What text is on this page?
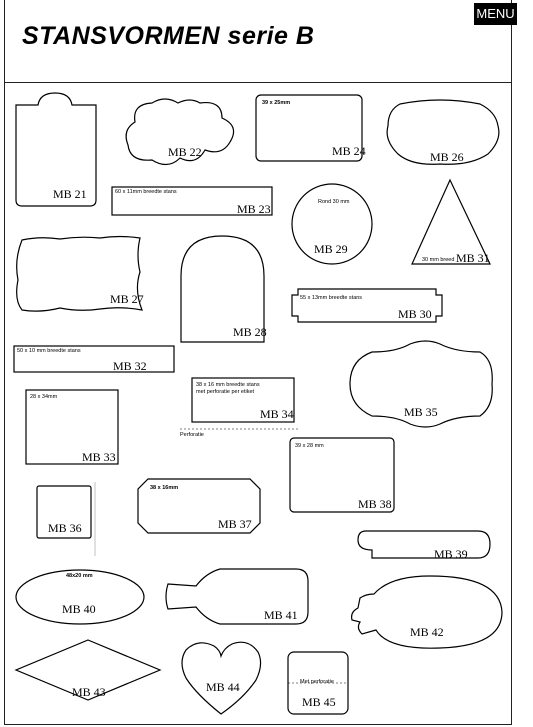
STANSVORMEN serie B
MENU
MB 21
MB 22
39 x 25mm
MB 24	MB 26
60 x 11mm breedte stans
MB 23	Rond 30 mm
MB 29
30 mm breed MB 31
MB 27
MB 28
55 x 13mm breedte stans
MB 30
50 x 10 mm breedte stans
MB 32
38 x 16 mm breedte stans
met perforatie per etiket
MB 34
Perforatie
MB 35
28 x 34mm
MB 33
39 x 28 mm
MB 38
MB 36
38 x 16mm
MB 37
MB 39
48x20 mm
MB 40	MB 41
MB 42
MB 43	MB 44	Met perforatie
MB 45
